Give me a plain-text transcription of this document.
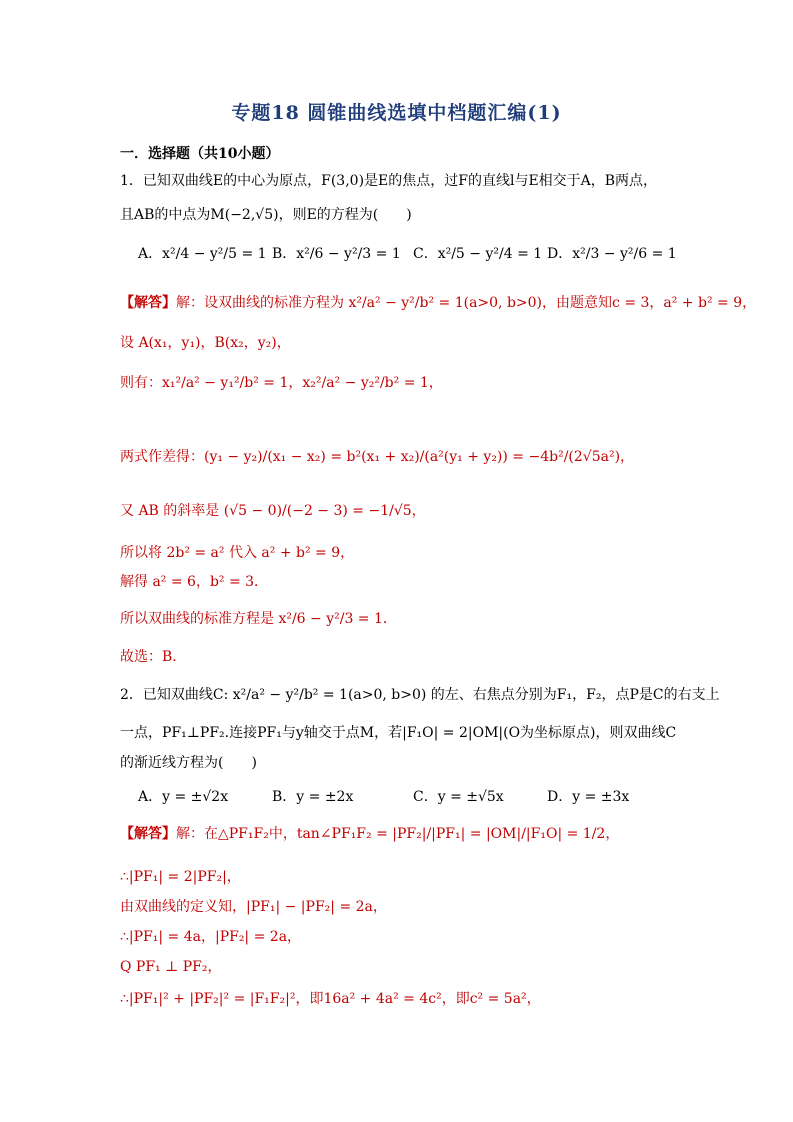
专题18 圆锥曲线选填中档题汇编(1)
一．选择题（共10小题）
1．已知双曲线E的中心为原点，F(3,0)是E的焦点，过F的直线l与E相交于A，B两点，
且AB的中点为M(−2,√5)，则E的方程为(　　)
A．x²/4 − y²/5 = 1 B．x²/6 − y²/3 = 1 C．x²/5 − y²/4 = 1 D．x²/3 − y²/6 = 1
【解答】解：设双曲线的标准方程为 x²/a² − y²/b² = 1(a>0, b>0)，由题意知c = 3，a² + b² = 9，
设 A(x₁，y₁)，B(x₂，y₂)，
则有：x₁²/a² − y₁²/b² = 1，x₂²/a² − y₂²/b² = 1，
两式作差得：(y₁ − y₂)/(x₁ − x₂) = b²(x₁ + x₂)/(a²(y₁ + y₂)) = −4b²/(2√5a²)，
又 AB 的斜率是 (√5 − 0)/(−2 − 3) = −1/√5，
所以将 2b² = a² 代入 a² + b² = 9，
解得 a² = 6，b² = 3．
所以双曲线的标准方程是 x²/6 − y²/3 = 1．
故选：B．
2．已知双曲线C: x²/a² − y²/b² = 1(a>0, b>0) 的左、右焦点分别为F₁，F₂，点P是C的右支上
一点，PF₁⊥PF₂.连接PF₁与y轴交于点M，若|F₁O| = 2|OM|(O为坐标原点)，则双曲线C
的渐近线方程为(　　)
A．y = ±√2x	B．y = ±2x	C．y = ±√5x	D．y = ±3x
【解答】解：在△PF₁F₂中，tan∠PF₁F₂ = |PF₂|/|PF₁| = |OM|/|F₁O| = 1/2，
∴|PF₁| = 2|PF₂|，
由双曲线的定义知，|PF₁| − |PF₂| = 2a，
∴|PF₁| = 4a，|PF₂| = 2a，
Q PF₁ ⊥ PF₂，
∴|PF₁|² + |PF₂|² = |F₁F₂|²，即16a² + 4a² = 4c²，即c² = 5a²，
